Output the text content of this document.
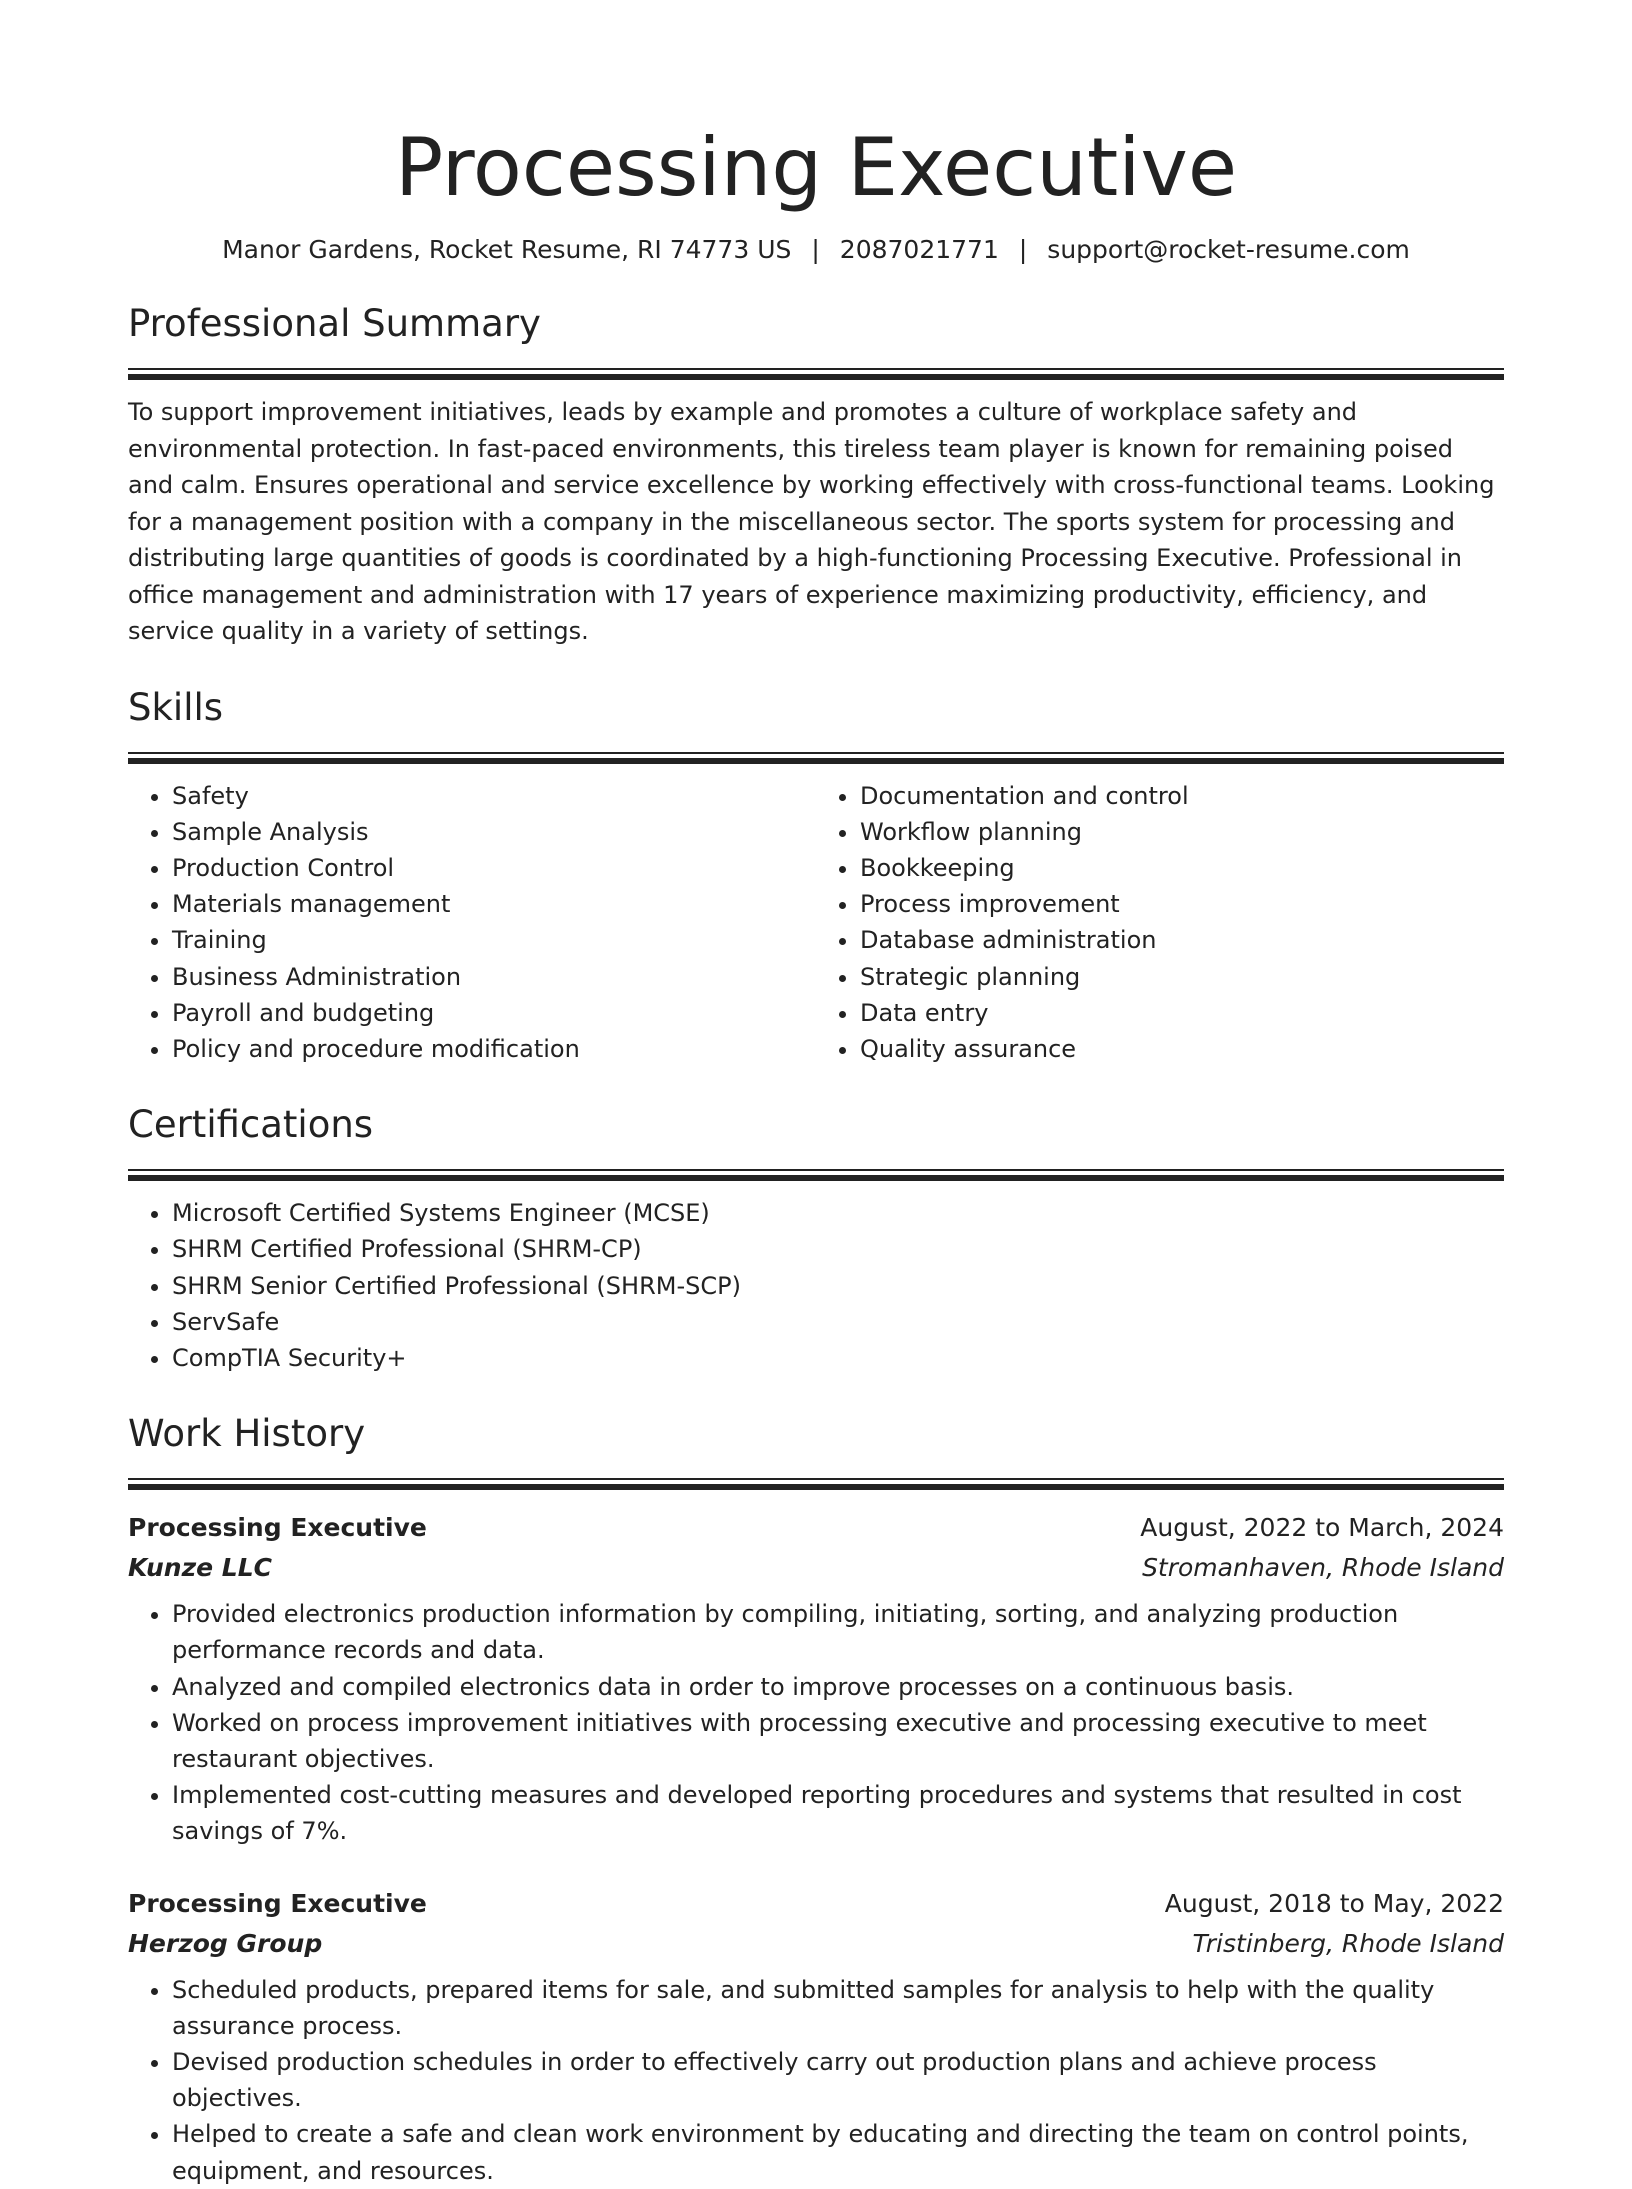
Processing Executive
Manor Gardens, Rocket Resume, RI 74773 US | 2087021771 | support@rocket-resume.com
Professional Summary

To support improvement initiatives, leads by example and promotes a culture of workplace safety and environmental protection. In fast-paced environments, this tireless team player is known for remaining poised and calm. Ensures operational and service excellence by working effectively with cross-functional teams. Looking for a management position with a company in the miscellaneous sector. The sports system for processing and distributing large quantities of goods is coordinated by a high-functioning Processing Executive. Professional in office management and administration with 17 years of experience maximizing productivity, efficiency, and service quality in a variety of settings.

Skills
• Safety
• Sample Analysis
• Production Control
• Materials management
• Training
• Business Administration
• Payroll and budgeting
• Policy and procedure modification
• Documentation and control
• Workflow planning
• Bookkeeping
• Process improvement
• Database administration
• Strategic planning
• Data entry
• Quality assurance
Certifications
• Microsoft Certified Systems Engineer (MCSE)
• SHRM Certified Professional (SHRM-CP)
• SHRM Senior Certified Professional (SHRM-SCP)
• ServSafe
• CompTIA Security+
Work History
Processing Executive	August, 2022 to March, 2024
Kunze LLC	Stromanhaven, Rhode Island
• Provided electronics production information by compiling, initiating, sorting, and analyzing production performance records and data.
• Analyzed and compiled electronics data in order to improve processes on a continuous basis.
• Worked on process improvement initiatives with processing executive and processing executive to meet restaurant objectives.
• Implemented cost-cutting measures and developed reporting procedures and systems that resulted in cost savings of 7%.
Processing Executive	August, 2018 to May, 2022
Herzog Group	Tristinberg, Rhode Island
• Scheduled products, prepared items for sale, and submitted samples for analysis to help with the quality assurance process.
• Devised production schedules in order to effectively carry out production plans and achieve process objectives.
• Helped to create a safe and clean work environment by educating and directing the team on control points, equipment, and resources.
